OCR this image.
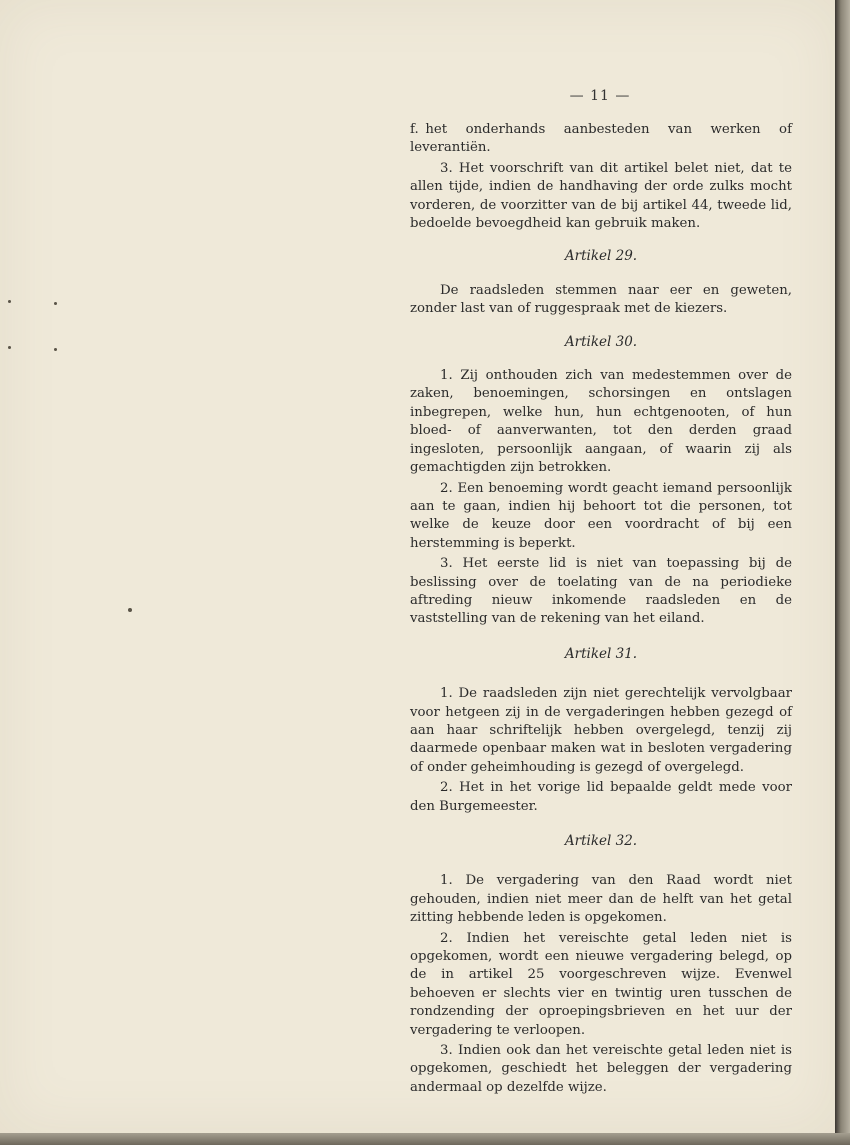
— 11 —

f. het onderhands aanbesteden van werken of leverantiën.

3. Het voorschrift van dit artikel belet niet, dat te allen tijde, indien de handhaving der orde zulks mocht vorderen, de voorzitter van de bij artikel 44, tweede lid, bedoelde bevoegdheid kan gebruik maken.

Artikel 29.

De raadsleden stemmen naar eer en geweten, zonder last van of ruggespraak met de kiezers.

Artikel 30.

1. Zij onthouden zich van medestemmen over de zaken, benoemingen, schorsingen en ontslagen inbegrepen, welke hun, hun echtgenooten, of hun bloed- of aanverwanten, tot den derden graad ingesloten, persoonlijk aangaan, of waarin zij als gemachtigden zijn betrokken.

2. Een benoeming wordt geacht iemand persoonlijk aan te gaan, indien hij behoort tot die personen, tot welke de keuze door een voordracht of bij een herstemming is beperkt.

3. Het eerste lid is niet van toepassing bij de beslissing over de toelating van de na periodieke aftreding nieuw inkomende raadsleden en de vaststelling van de rekening van het eiland.

Artikel 31.

1. De raadsleden zijn niet gerechtelijk vervolgbaar voor hetgeen zij in de vergaderingen hebben gezegd of aan haar schriftelijk hebben overgelegd, tenzij zij daarmede openbaar maken wat in besloten vergadering of onder geheimhouding is gezegd of overgelegd.

2. Het in het vorige lid bepaalde geldt mede voor den Burgemeester.

Artikel 32.

1. De vergadering van den Raad wordt niet gehouden, indien niet meer dan de helft van het getal zitting hebbende leden is opgekomen.

2. Indien het vereischte getal leden niet is opgekomen, wordt een nieuwe vergadering belegd, op de in artikel 25 voorgeschreven wijze. Evenwel behoeven er slechts vier en twintig uren tusschen de rondzending der oproepingsbrieven en het uur der vergadering te verloopen.

3. Indien ook dan het vereischte getal leden niet is opgekomen, geschiedt het beleggen der vergadering andermaal op dezelfde wijze.
